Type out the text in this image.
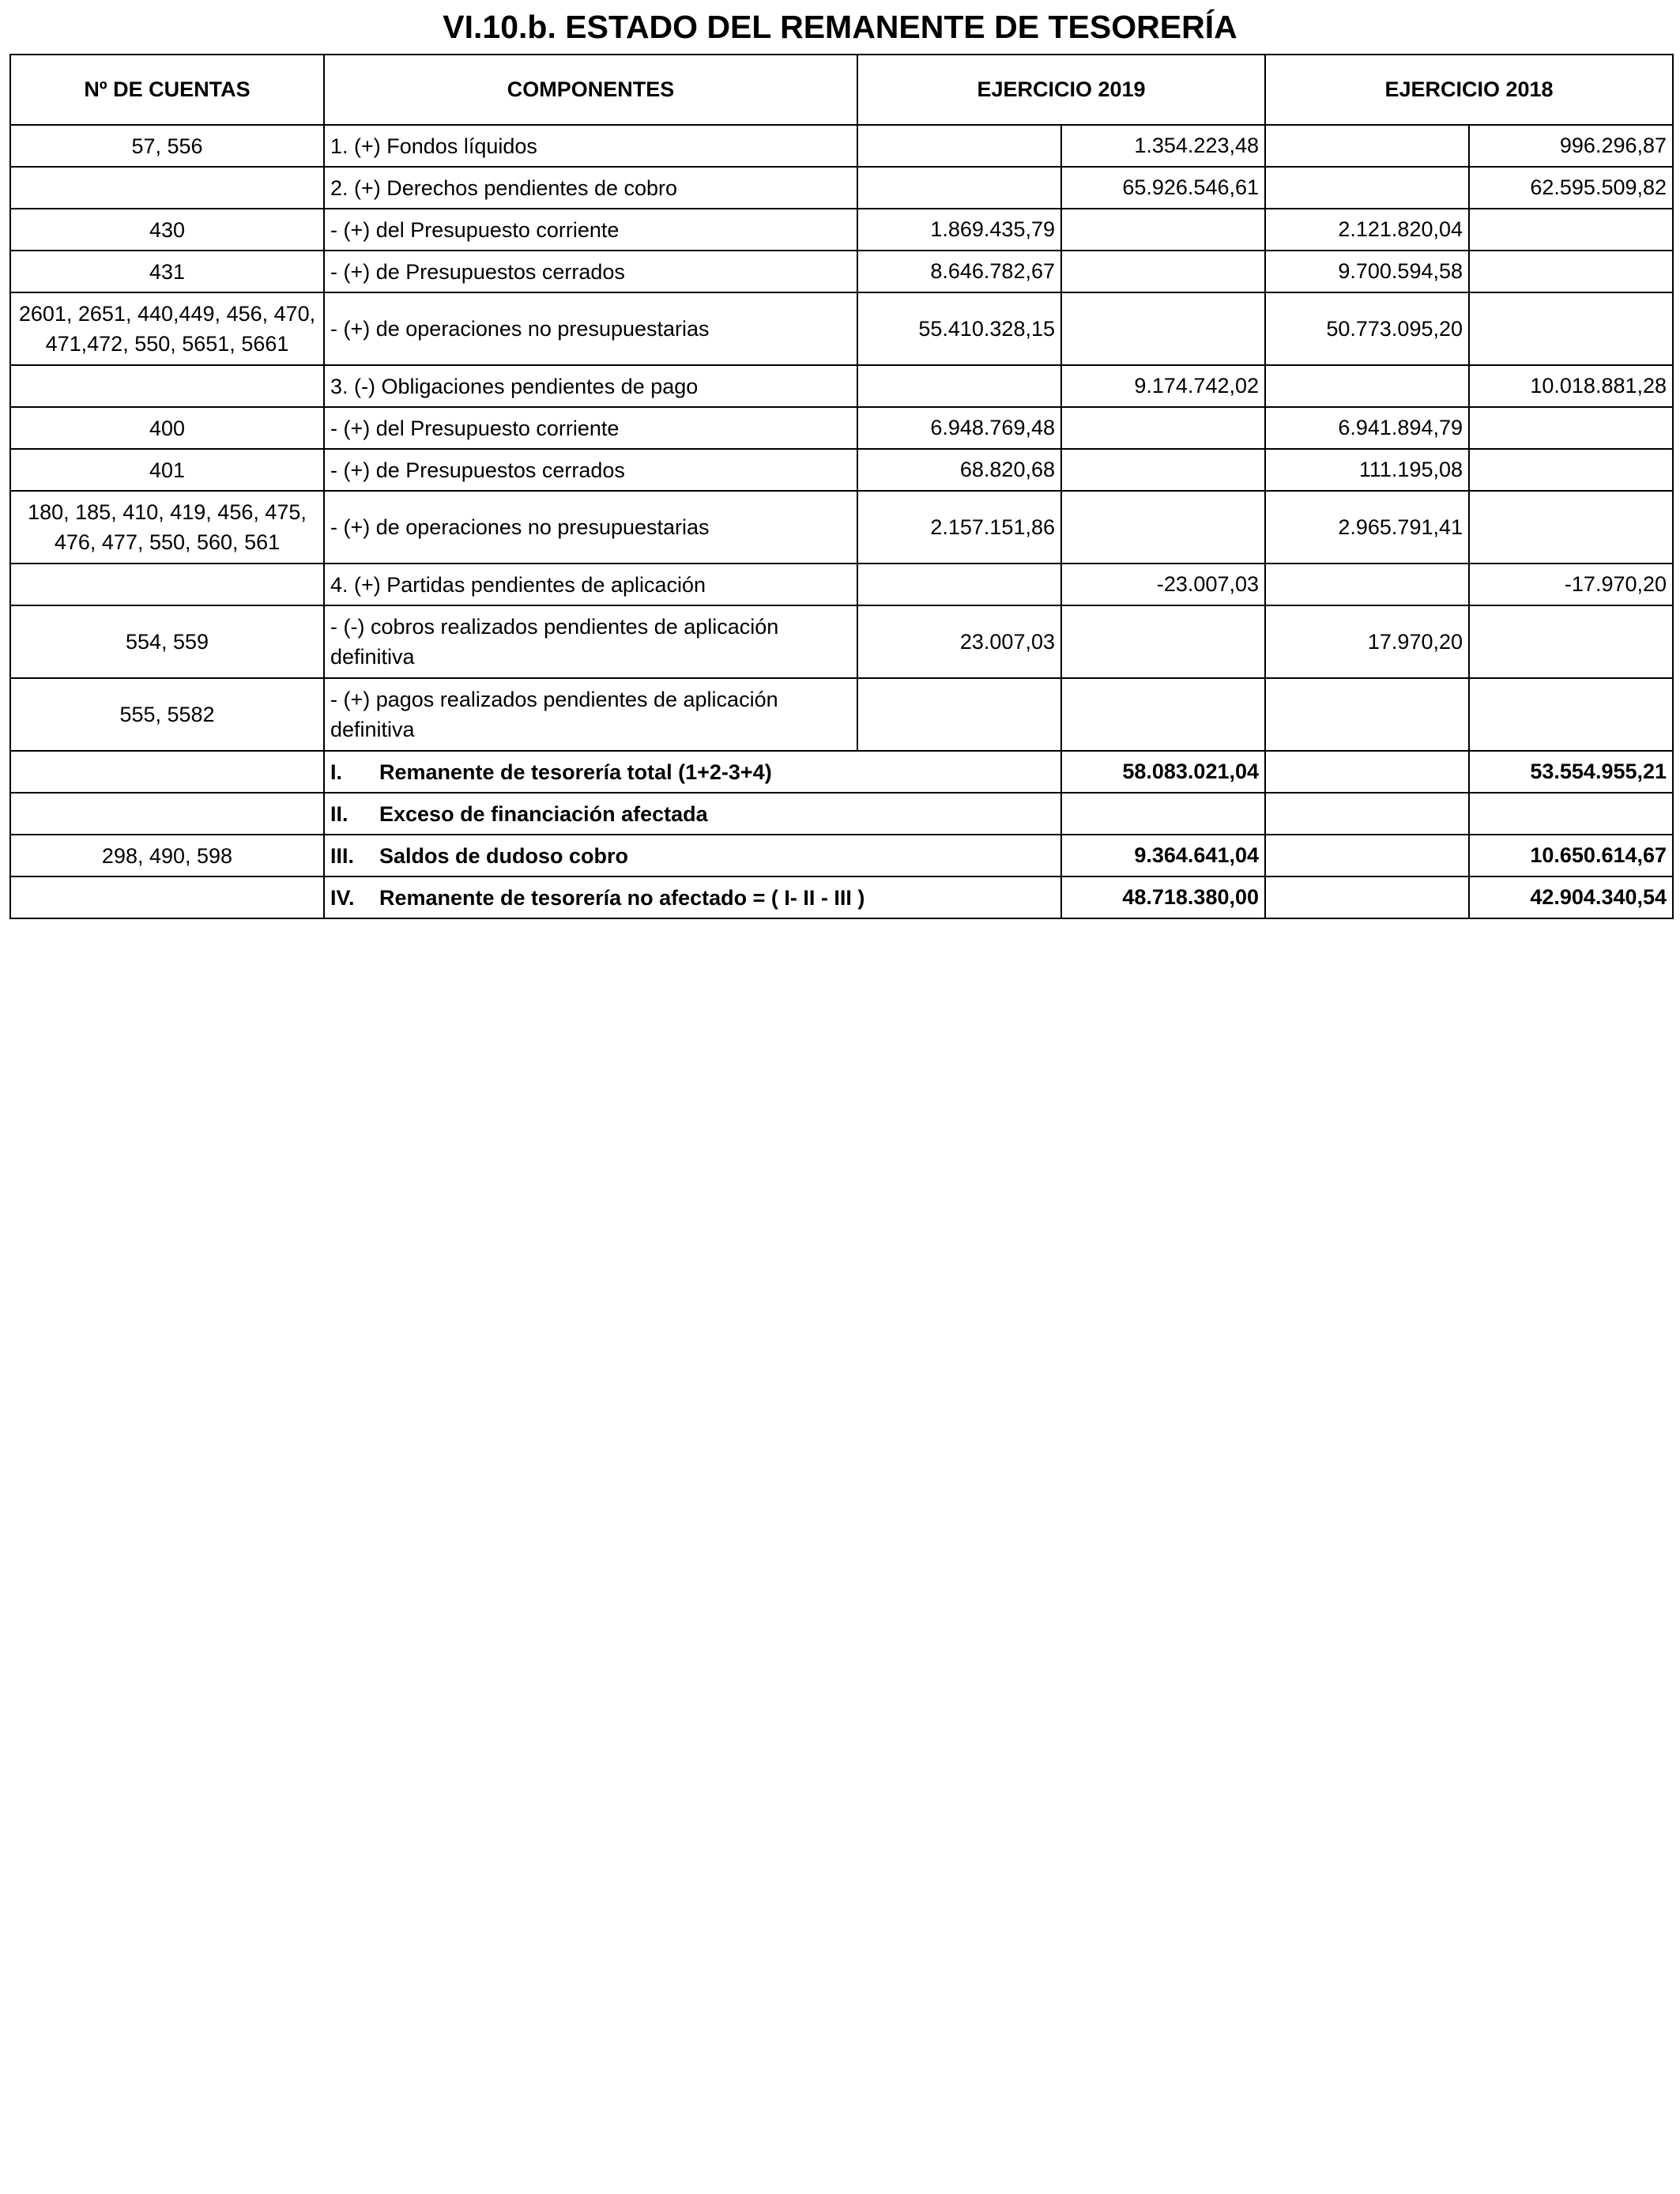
VI.10.b. ESTADO DEL REMANENTE DE TESORERÍA
Nº DE CUENTAS	COMPONENTES	EJERCICIO 2019		EJERCICIO 2018	
57, 556	1. (+) Fondos líquidos		1.354.223,48		996.296,87
	2. (+) Derechos pendientes de cobro		65.926.546,61		62.595.509,82
430	- (+) del Presupuesto corriente	1.869.435,79		2.121.820,04	
431	- (+) de Presupuestos cerrados	8.646.782,67		9.700.594,58	
2601, 2651, 440,449, 456, 470, 471,472, 550, 5651, 5661	- (+) de operaciones no presupuestarias	55.410.328,15		50.773.095,20	
	3. (-) Obligaciones pendientes de pago		9.174.742,02		10.018.881,28
400	- (+) del Presupuesto corriente	6.948.769,48		6.941.894,79	
401	- (+) de Presupuestos cerrados	68.820,68		111.195,08	
180, 185, 410, 419, 456, 475, 476, 477, 550, 560, 561	- (+) de operaciones no presupuestarias	2.157.151,86		2.965.791,41	
	4. (+) Partidas pendientes de aplicación		-23.007,03		-17.970,20
554, 559	- (-) cobros realizados pendientes de aplicación definitiva	23.007,03		17.970,20	
555, 5582	- (+) pagos realizados pendientes de aplicación definitiva				
	I. Remanente de tesorería total (1+2-3+4)		58.083.021,04		53.554.955,21
	II. Exceso de financiación afectada				
298, 490, 598	III. Saldos de dudoso cobro		9.364.641,04		10.650.614,67
	IV. Remanente de tesorería no afectado = ( I- II - III )		48.718.380,00		42.904.340,54
